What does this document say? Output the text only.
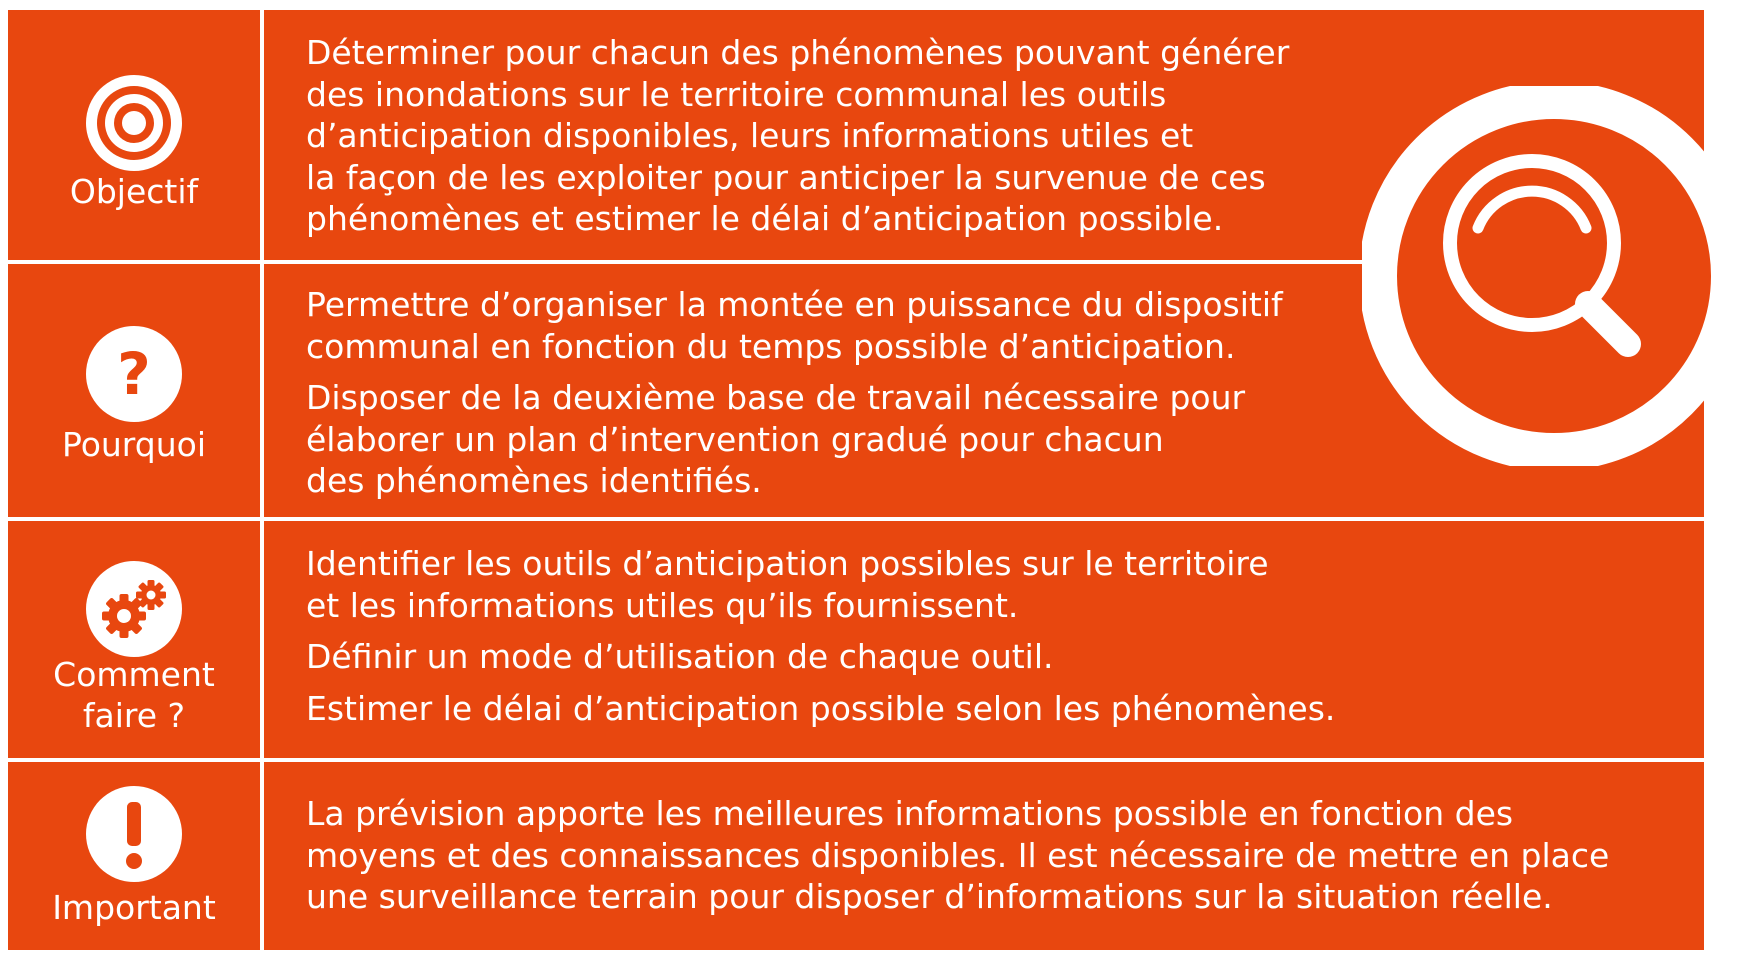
Objectif

Déterminer pour chacun des phénomènes pouvant générer
des inondations sur le territoire communal les outils
d’anticipation disponibles, leurs informations utiles et
la façon de les exploiter pour anticiper la survenue de ces
phénomènes et estimer le délai d’anticipation possible.

?
Pourquoi

Permettre d’organiser la montée en puissance du dispositif
communal en fonction du temps possible d’anticipation.

Disposer de la deuxième base de travail nécessaire pour
élaborer un plan d’intervention gradué pour chacun
des phénomènes identifiés.

Comment
faire ?

Identifier les outils d’anticipation possibles sur le territoire
et les informations utiles qu’ils fournissent.

Définir un mode d’utilisation de chaque outil.

Estimer le délai d’anticipation possible selon les phénomènes.

Important

La prévision apporte les meilleures informations possible en fonction des
moyens et des connaissances disponibles. Il est nécessaire de mettre en place
une surveillance terrain pour disposer d’informations sur la situation réelle.
